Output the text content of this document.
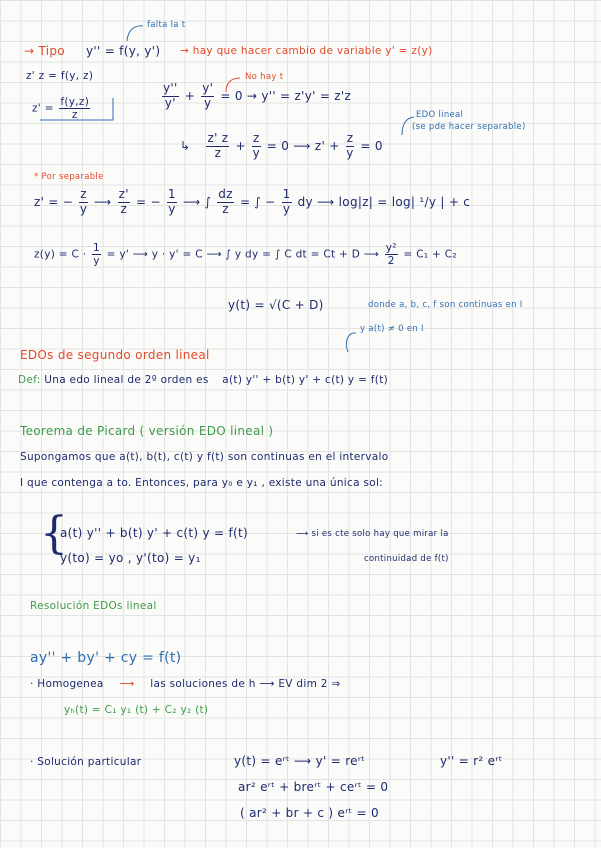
falta la t
→ Tipo y'' = f(y, y') → hay que hacer cambio de variable y' = z(y)
z' z = f(y, z)
$z' = \frac{f(y,z)}{z}$
No hay t
$\frac{y''}{y'} + \frac{y'}{y} = 0 \to y'' = z'y' = z'z$
EDO lineal
(se pde hacer separable)
↳ $\frac{z' z}{z} + \frac{z}{y} = 0$ ⟶ $z' + \frac{z}{y} = 0$
* Por separable
z' = − $\frac{z}{y}$ ⟶ $\frac{z'}{z}$ = − $\frac{1}{y}$ ⟶ ∫ $\frac{dz}{z}$ = ∫ − $\frac{1}{y}$ dy ⟶ log|z| = log| ¹/y | + c
$z(y) = C \cdot \frac{1}{y} = y'$ ⟶ y · y' = C ⟶ ∫ y dy = ∫ C dt = Ct + D ⟶ $\frac{\text{y²}}{2} = C_1 + C_2$
y(t) = √(C + D)	donde a, b, c, f son continuas en I
y a(t) ≠ 0 en I
EDOs de segundo orden lineal
Def: Una edo lineal de 2º orden es a(t) y'' + b(t) y' + c(t) y = f(t)
Teorema de Picard ( versión EDO lineal )
Supongamos que a(t), b(t), c(t) y f(t) son continuas en el intervalo
I que contenga a to. Entonces, para y₀ e y₁ , existe una única sol:
{
a(t) y'' + b(t) y' + c(t) y = f(t)	⟶ si es cte solo hay que mirar la
y(to) = yo , y'(to) = y₁	continuidad de f(t)
Resolución EDOs lineal
ay'' + by' + cy = f(t)
· Homogenea ⟶ las soluciones de h ⟶ EV dim 2 ⇒
yₕ(t) = C₁ y₁ (t) + C₂ y₂ (t)
· Solución particular	y(t) = eʳᵗ ⟶ y' = reʳᵗ	y'' = r² eʳᵗ
ar² eʳᵗ + breʳᵗ + ceʳᵗ = 0
( ar² + br + c ) eʳᵗ = 0
